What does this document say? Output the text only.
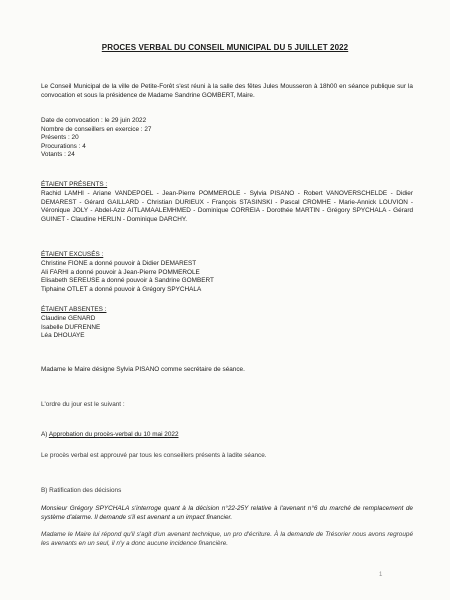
PROCES VERBAL DU CONSEIL MUNICIPAL DU 5 JUILLET 2022
Le Conseil Municipal de la ville de Petite-Forêt s'est réuni à la salle des fêtes Jules Mousseron à 18h00 en séance publique sur la convocation et sous la présidence de Madame Sandrine GOMBERT, Maire.
Date de convocation : le 29 juin 2022
Nombre de conseillers en exercice : 27
Présents : 20
Procurations : 4
Votants : 24
ÉTAIENT PRÉSENTS :
Rachid LAMHI - Ariane VANDEPOEL - Jean-Pierre POMMEROLE - Sylvia PISANO - Robert VANOVERSCHELDE - Didier DEMAREST - Gérard GAILLARD - Christian DURIEUX - François STASINSKI - Pascal CROMHE - Marie-Annick LOUVION - Véronique JOLY - Abdel-Aziz AITLAMAALEMHMED - Dominique CORREIA - Dorothée MARTIN - Grégory SPYCHALA - Gérard GUINET - Claudine HERLIN - Dominique DARCHY.
ÉTAIENT EXCUSÉS :
Christine FIONE a donné pouvoir à Didier DEMAREST
Ali FARHI a donné pouvoir à Jean-Pierre POMMEROLE
Elisabeth SEREUSE a donné pouvoir à Sandrine GOMBERT
Tiphaine OTLET a donné pouvoir à Grégory SPYCHALA
ÉTAIENT ABSENTES :
Claudine GENARD
Isabelle DUFRENNE
Léa DHOUAYE
Madame le Maire désigne Sylvia PISANO comme secrétaire de séance.
L'ordre du jour est le suivant :
A) Approbation du procès-verbal du 10 mai 2022
Le procès verbal est approuvé par tous les conseillers présents à ladite séance.
B) Ratification des décisions
Monsieur Grégory SPYCHALA s'interroge quant à la décision n°22-25Y relative à l'avenant n°6 du marché de remplacement de système d'alarme. Il demande s'il est avenant a un impact financier.
Madame le Maire lui répond qu'il s'agit d'un avenant technique, un pro d'écriture. À la demande de Trésorier nous avons regroupé les avenants en un seul, il n'y a donc aucune incidence financière.
1
